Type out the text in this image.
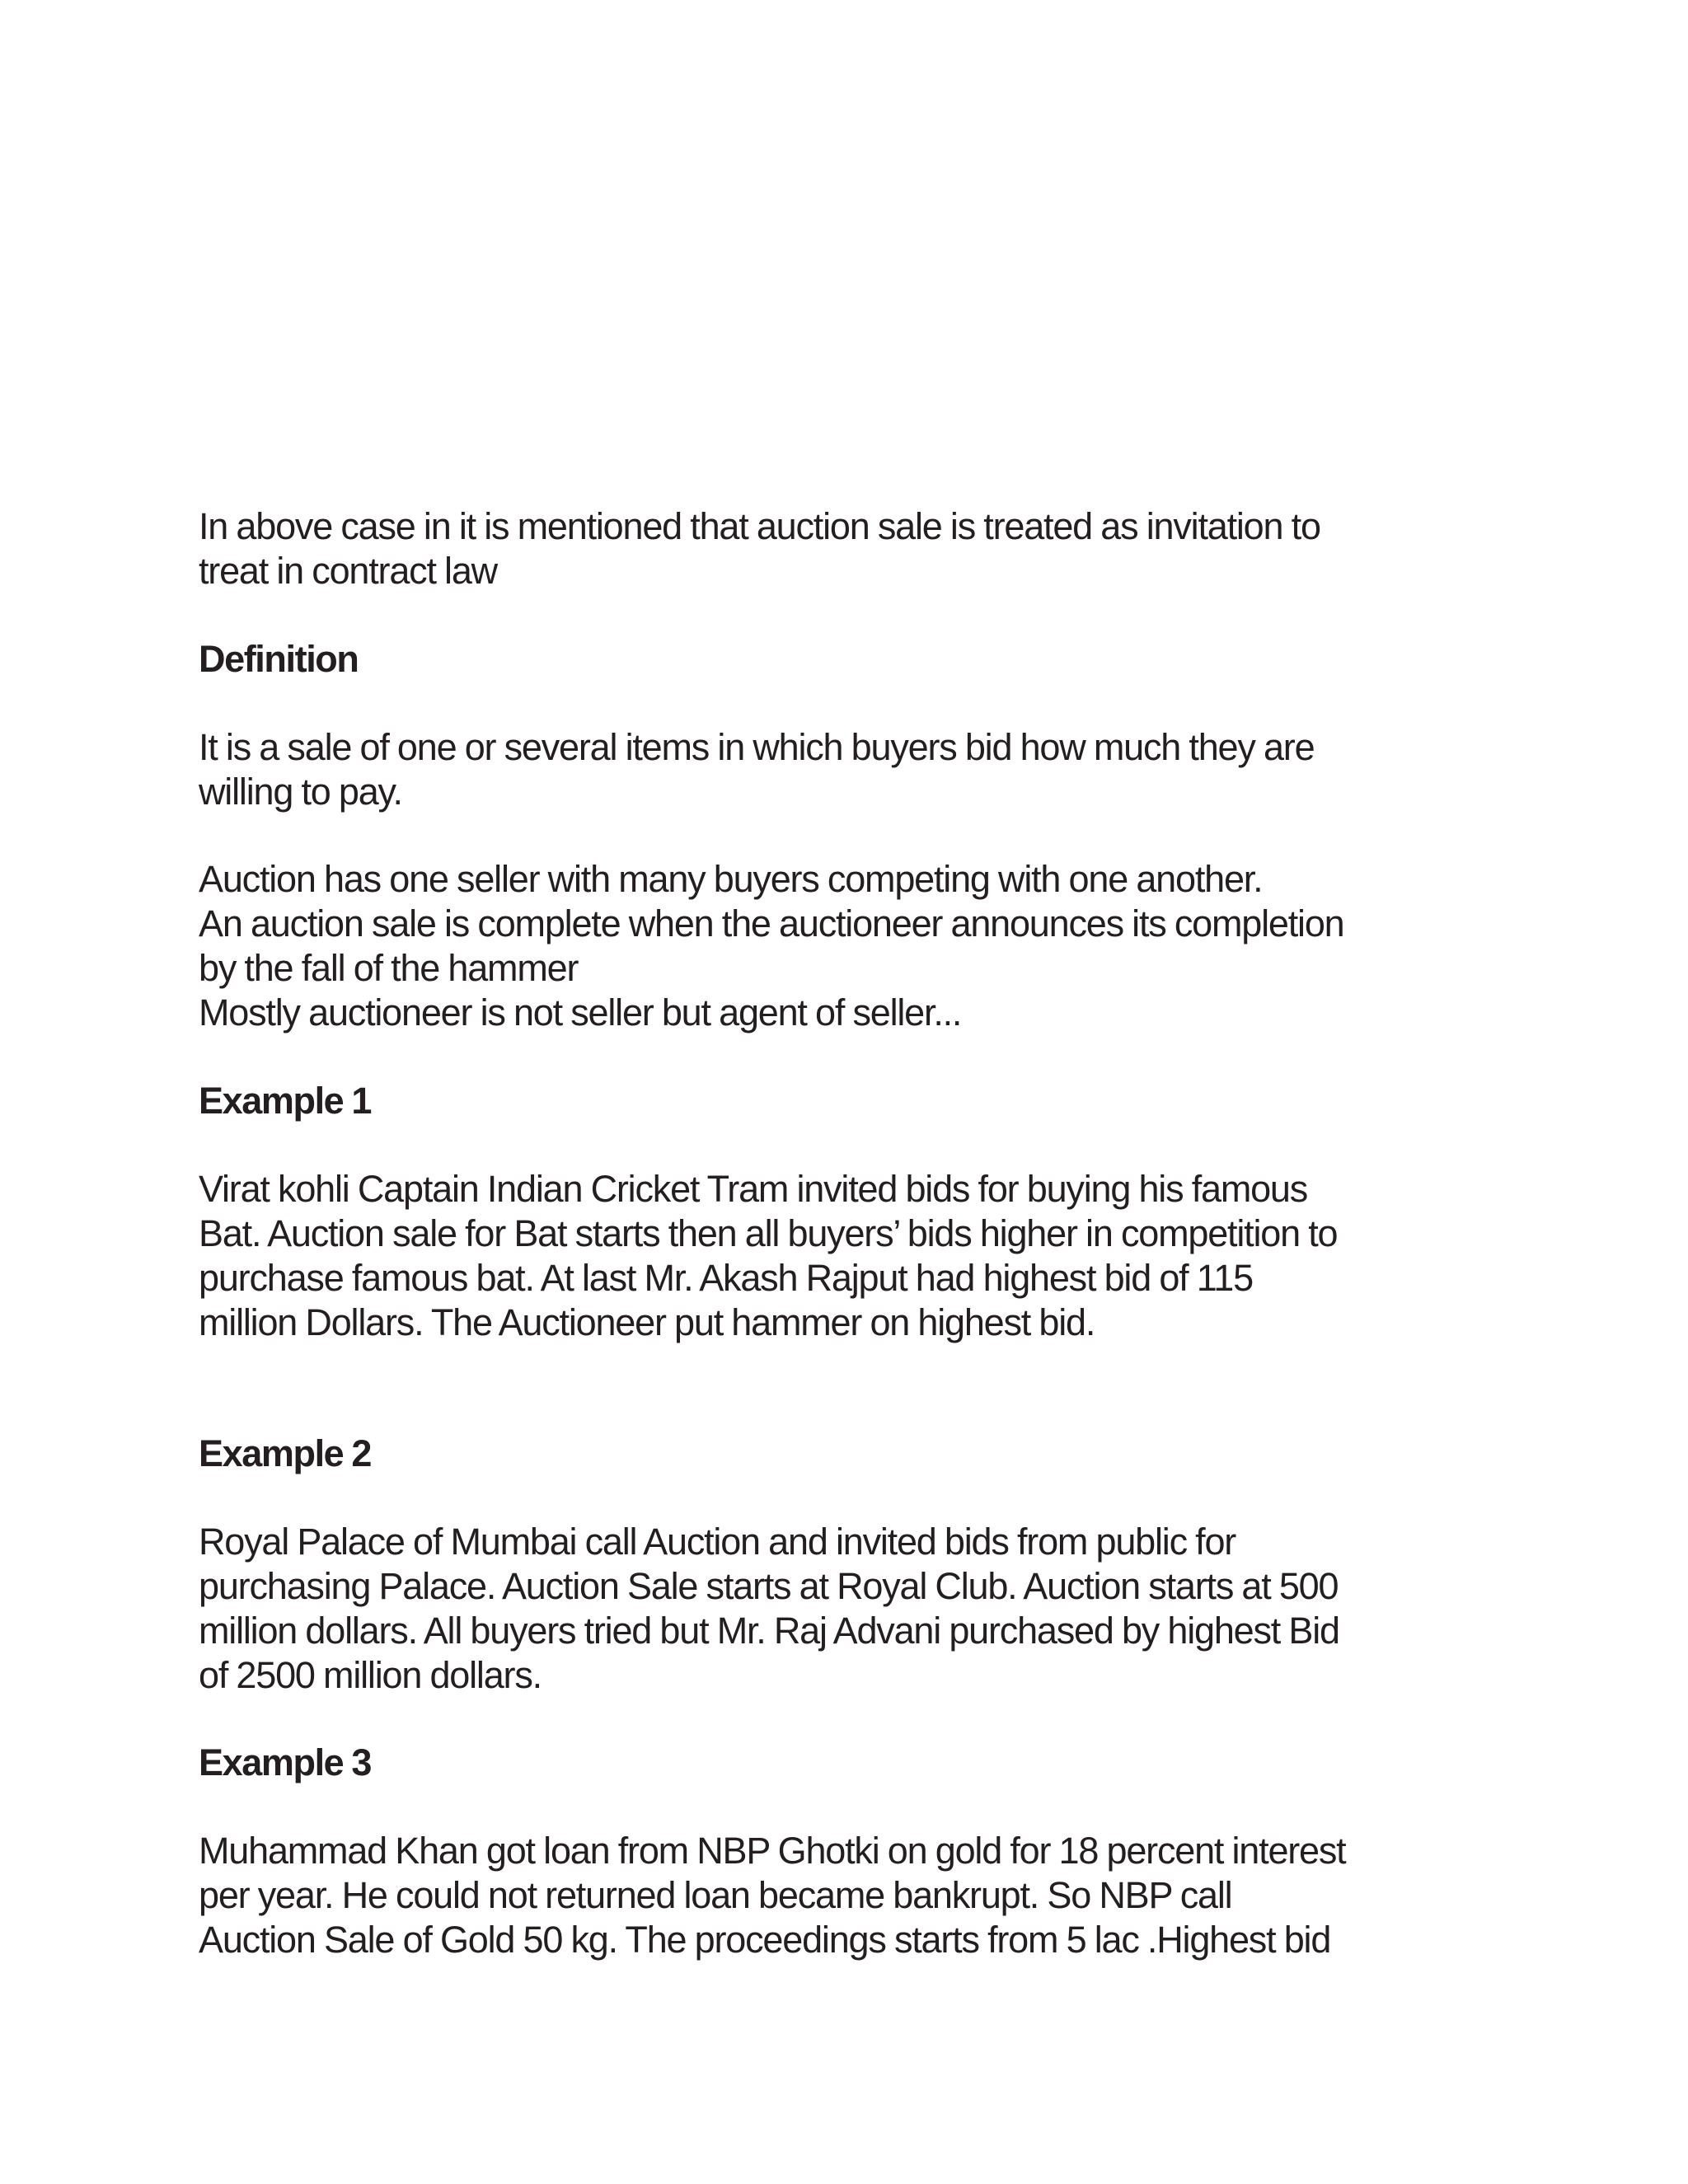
In above case in it is mentioned that auction sale is treated as invitation to
treat in contract law
Definition
It is a sale of one or several items in which buyers bid how much they are
willing to pay.
Auction has one seller with many buyers competing with one another.
An auction sale is complete when the auctioneer announces its completion
by the fall of the hammer
Mostly auctioneer is not seller but agent of seller...
Example 1
Virat kohli Captain Indian Cricket Tram invited bids for buying his famous
Bat. Auction sale for Bat starts then all buyers’ bids higher in competition to
purchase famous bat. At last Mr. Akash Rajput had highest bid of 115
million Dollars. The Auctioneer put hammer on highest bid.
Example 2
Royal Palace of Mumbai call Auction and invited bids from public for
purchasing Palace. Auction Sale starts at Royal Club. Auction starts at 500
million dollars. All buyers tried but Mr. Raj Advani purchased by highest Bid
of 2500 million dollars.
Example 3
Muhammad Khan got loan from NBP Ghotki on gold for 18 percent interest
per year. He could not returned loan became bankrupt. So NBP call
Auction Sale of Gold 50 kg. The proceedings starts from 5 lac .Highest bid
